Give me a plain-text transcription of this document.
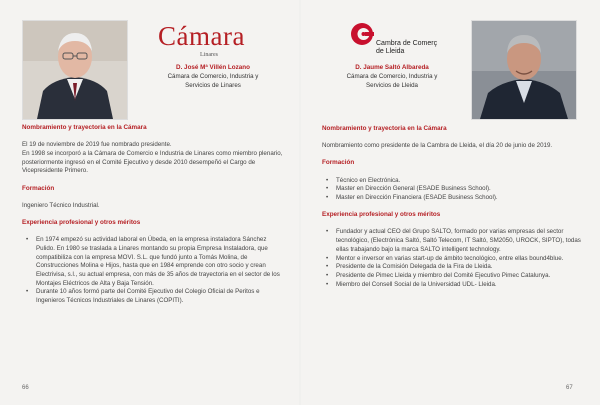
Cámara
Linares
D. José Mª Villén Lozano
Cámara de Comercio, Industria y
Servicios de Linares
Nombramiento y trayectoria en la Cámara

El 19 de noviembre de 2019 fue nombrado presidente.

En 1998 se incorporó a la Cámara de Comercio e Industria de Linares como miembro plenario, posteriormente ingresó en el Comité Ejecutivo y desde 2010 desempeñó el Cargo de Vicepresidente Primero.

Formación

Ingeniero Técnico Industrial.

Experiencia profesional y otros méritos
• En 1974 empezó su actividad laboral en Úbeda, en la empresa instaladora Sánchez Pulido. En 1980 se traslada a Linares montando su propia Empresa Instaladora, que compatibiliza con la empresa MOVI. S.L. que fundó junto a Tomás Molina, de Construcciones Molina e Hijos, hasta que en 1984 emprende con otro socio y crean Electrivisa, s.l., su actual empresa, con más de 35 años de trayectoria en el sector de los Montajes Eléctricos de Alta y Baja Tensión.
• Durante 10 años formó parte del Comité Ejecutivo del Colegio Oficial de Peritos e Ingenieros Técnicos Industriales de Linares (COPITI).
66
Cambra de Comerç
de Lleida
D. Jaume Saltó Albareda
Cámara de Comercio, Industria y
Servicios de Lleida
Nombramiento y trayectoria en la Cámara

Nombramiento como presidente de la Cambra de Lleida, el día 20 de junio de 2019.

Formación
• Técnico en Electrónica.
• Master en Dirección General (ESADE Business School).
• Master en Dirección Financiera (ESADE Business School).
Experiencia profesional y otros méritos
• Fundador y actual CEO del Grupo SALTO, formado por varias empresas del sector tecnológico, (Electrónica Saltó, Saltó Telecom, IT Saltó, SM2050, UROCK, SIPTO), todas ellas trabajando bajo la marca SALTO intelligent technology.
• Mentor e inversor en varias start-up de ámbito tecnológico, entre ellas bound4blue.
• Presidente de la Comisión Delegada de la Fira de Lleida.
• Presidente de Pimec Lleida y miembro del Comité Ejecutivo Pimec Catalunya.
• Miembro del Consell Social de la Universidad UDL- Lleida.
67
